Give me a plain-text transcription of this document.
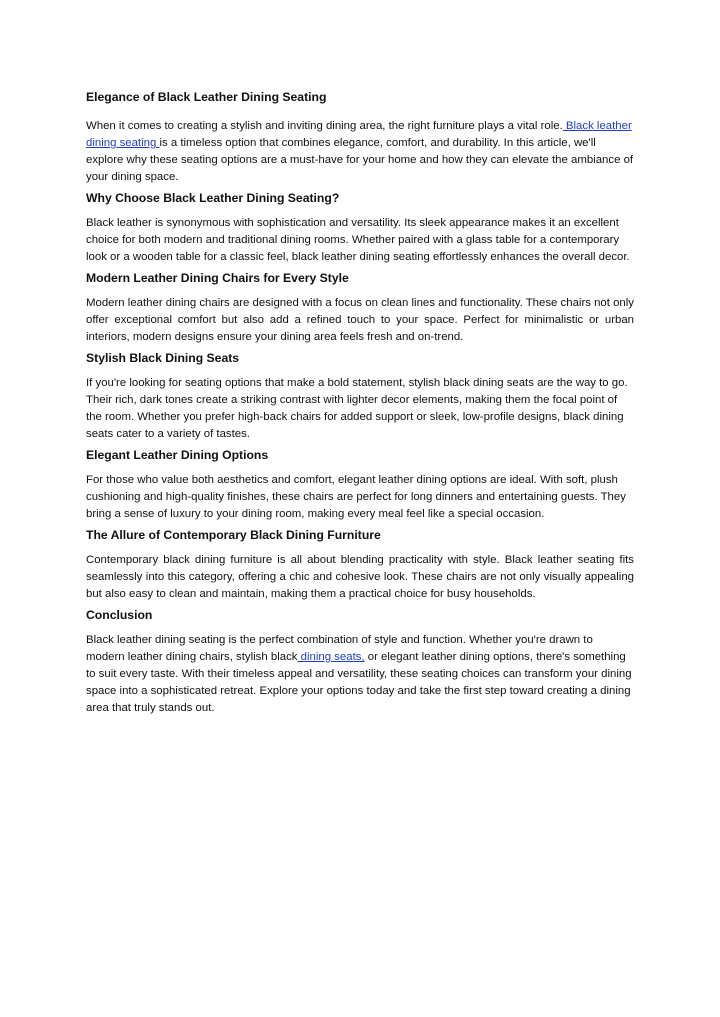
Elegance of Black Leather Dining Seating

When it comes to creating a stylish and inviting dining area, the right furniture plays a vital role. Black leather dining seating is a timeless option that combines elegance, comfort, and durability. In this article, we'll explore why these seating options are a must-have for your home and how they can elevate the ambiance of your dining space.

Why Choose Black Leather Dining Seating?

Black leather is synonymous with sophistication and versatility. Its sleek appearance makes it an excellent choice for both modern and traditional dining rooms. Whether paired with a glass table for a contemporary look or a wooden table for a classic feel, black leather dining seating effortlessly enhances the overall decor.

Modern Leather Dining Chairs for Every Style

Modern leather dining chairs are designed with a focus on clean lines and functionality. These chairs not only offer exceptional comfort but also add a refined touch to your space. Perfect for minimalistic or urban interiors, modern designs ensure your dining area feels fresh and on-trend.

Stylish Black Dining Seats

If you're looking for seating options that make a bold statement, stylish black dining seats are the way to go. Their rich, dark tones create a striking contrast with lighter decor elements, making them the focal point of the room. Whether you prefer high-back chairs for added support or sleek, low-profile designs, black dining seats cater to a variety of tastes.

Elegant Leather Dining Options

For those who value both aesthetics and comfort, elegant leather dining options are ideal. With soft, plush cushioning and high-quality finishes, these chairs are perfect for long dinners and entertaining guests. They bring a sense of luxury to your dining room, making every meal feel like a special occasion.

The Allure of Contemporary Black Dining Furniture

Contemporary black dining furniture is all about blending practicality with style. Black leather seating fits seamlessly into this category, offering a chic and cohesive look. These chairs are not only visually appealing but also easy to clean and maintain, making them a practical choice for busy households.

Conclusion

Black leather dining seating is the perfect combination of style and function. Whether you're drawn to modern leather dining chairs, stylish black dining seats, or elegant leather dining options, there's something to suit every taste. With their timeless appeal and versatility, these seating choices can transform your dining space into a sophisticated retreat. Explore your options today and take the first step toward creating a dining area that truly stands out.
